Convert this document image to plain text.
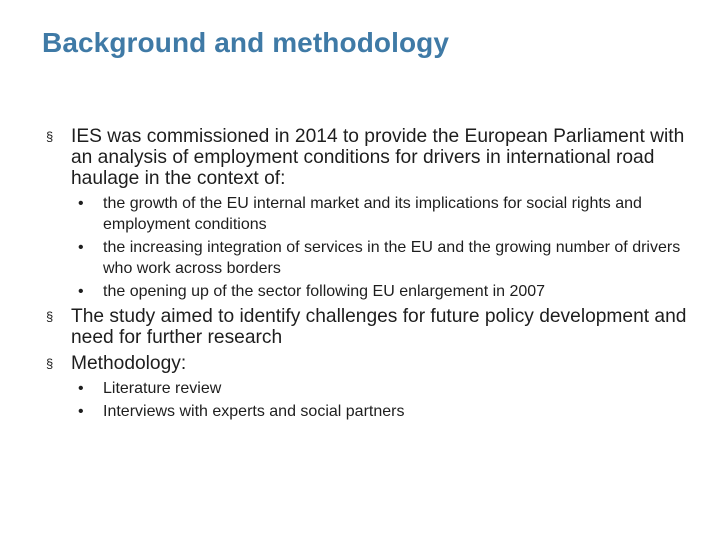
Background and methodology
§ IES was commissioned in 2014 to provide the European Parliament with an analysis of employment conditions for drivers in international road haulage in the context of:
• the growth of the EU internal market and its implications for social rights and employment conditions
• the increasing integration of services in the EU and the growing number of drivers who work across borders
• the opening up of the sector following EU enlargement in 2007
§ The study aimed to identify challenges for future policy development and need for further research
§ Methodology:
• Literature review
• Interviews with experts and social partners
